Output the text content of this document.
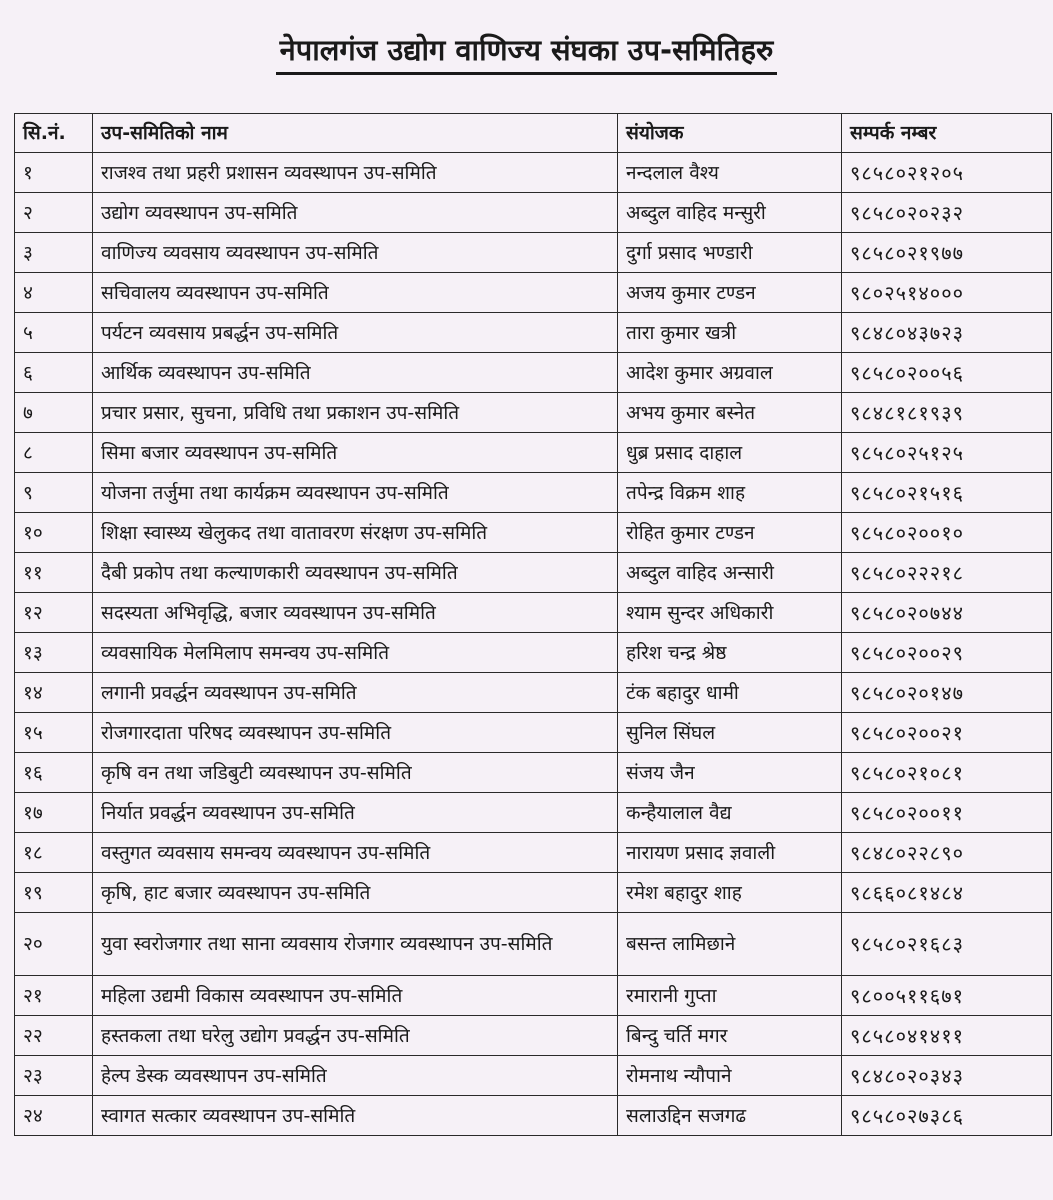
नेपालगंज उद्योग वाणिज्य संघका उप-समितिहरु
सि.नं.	उप-समितिको नाम	संयोजक	सम्पर्क नम्बर
१	राजश्व तथा प्रहरी प्रशासन व्यवस्थापन उप-समिति	नन्दलाल वैश्य	९८५८०२१२०५
२	उद्योग व्यवस्थापन उप-समिति	अब्दुल वाहिद मन्सुरी	९८५८०२०२३२
३	वाणिज्य व्यवसाय व्यवस्थापन उप-समिति	दुर्गा प्रसाद भण्डारी	९८५८०२१९७७
४	सचिवालय व्यवस्थापन उप-समिति	अजय कुमार टण्डन	९८०२५१४०००
५	पर्यटन व्यवसाय प्रबर्द्धन उप-समिति	तारा कुमार खत्री	९८४८०४३७२३
६	आर्थिक व्यवस्थापन उप-समिति	आदेश कुमार अग्रवाल	९८५८०२००५६
७	प्रचार प्रसार, सुचना, प्रविधि तथा प्रकाशन उप-समिति	अभय कुमार बस्नेत	९८४८१८१९३९
८	सिमा बजार व्यवस्थापन उप-समिति	धुब्र प्रसाद दाहाल	९८५८०२५१२५
९	योजना तर्जुमा तथा कार्यक्रम व्यवस्थापन उप-समिति	तपेन्द्र विक्रम शाह	९८५८०२१५१६
१०	शिक्षा स्वास्थ्य खेलुकद तथा वातावरण संरक्षण उप-समिति	रोहित कुमार टण्डन	९८५८०२००१०
११	दैबी प्रकोप तथा कल्याणकारी व्यवस्थापन उप-समिति	अब्दुल वाहिद अन्सारी	९८५८०२२२१८
१२	सदस्यता अभिवृद्धि, बजार व्यवस्थापन उप-समिति	श्याम सुन्दर अधिकारी	९८५८०२०७४४
१३	व्यवसायिक मेलमिलाप समन्वय उप-समिति	हरिश चन्द्र श्रेष्ठ	९८५८०२००२९
१४	लगानी प्रवर्द्धन व्यवस्थापन उप-समिति	टंक बहादुर धामी	९८५८०२०१४७
१५	रोजगारदाता परिषद व्यवस्थापन उप-समिति	सुनिल सिंघल	९८५८०२००२१
१६	कृषि वन तथा जडिबुटी व्यवस्थापन उप-समिति	संजय जैन	९८५८०२१०८१
१७	निर्यात प्रवर्द्धन व्यवस्थापन उप-समिति	कन्हैयालाल वैद्य	९८५८०२००११
१८	वस्तुगत व्यवसाय समन्वय व्यवस्थापन उप-समिति	नारायण प्रसाद ज्ञवाली	९८४८०२२८९०
१९	कृषि, हाट बजार व्यवस्थापन उप-समिति	रमेश बहादुर शाह	९८६६०८१४८४
२०	युवा स्वरोजगार तथा साना व्यवसाय रोजगार व्यवस्थापन उप-समिति	बसन्त लामिछाने	९८५८०२१६८३
२१	महिला उद्यमी विकास व्यवस्थापन उप-समिति	रमारानी गुप्ता	९८००५११६७१
२२	हस्तकला तथा घरेलु उद्योग प्रवर्द्धन उप-समिति	बिन्दु चर्ति मगर	९८५८०४१४११
२३	हेल्प डेस्क व्यवस्थापन उप-समिति	रोमनाथ न्यौपाने	९८४८०२०३४३
२४	स्वागत सत्कार व्यवस्थापन उप-समिति	सलाउद्दिन सजगढ	९८५८०२७३८६
